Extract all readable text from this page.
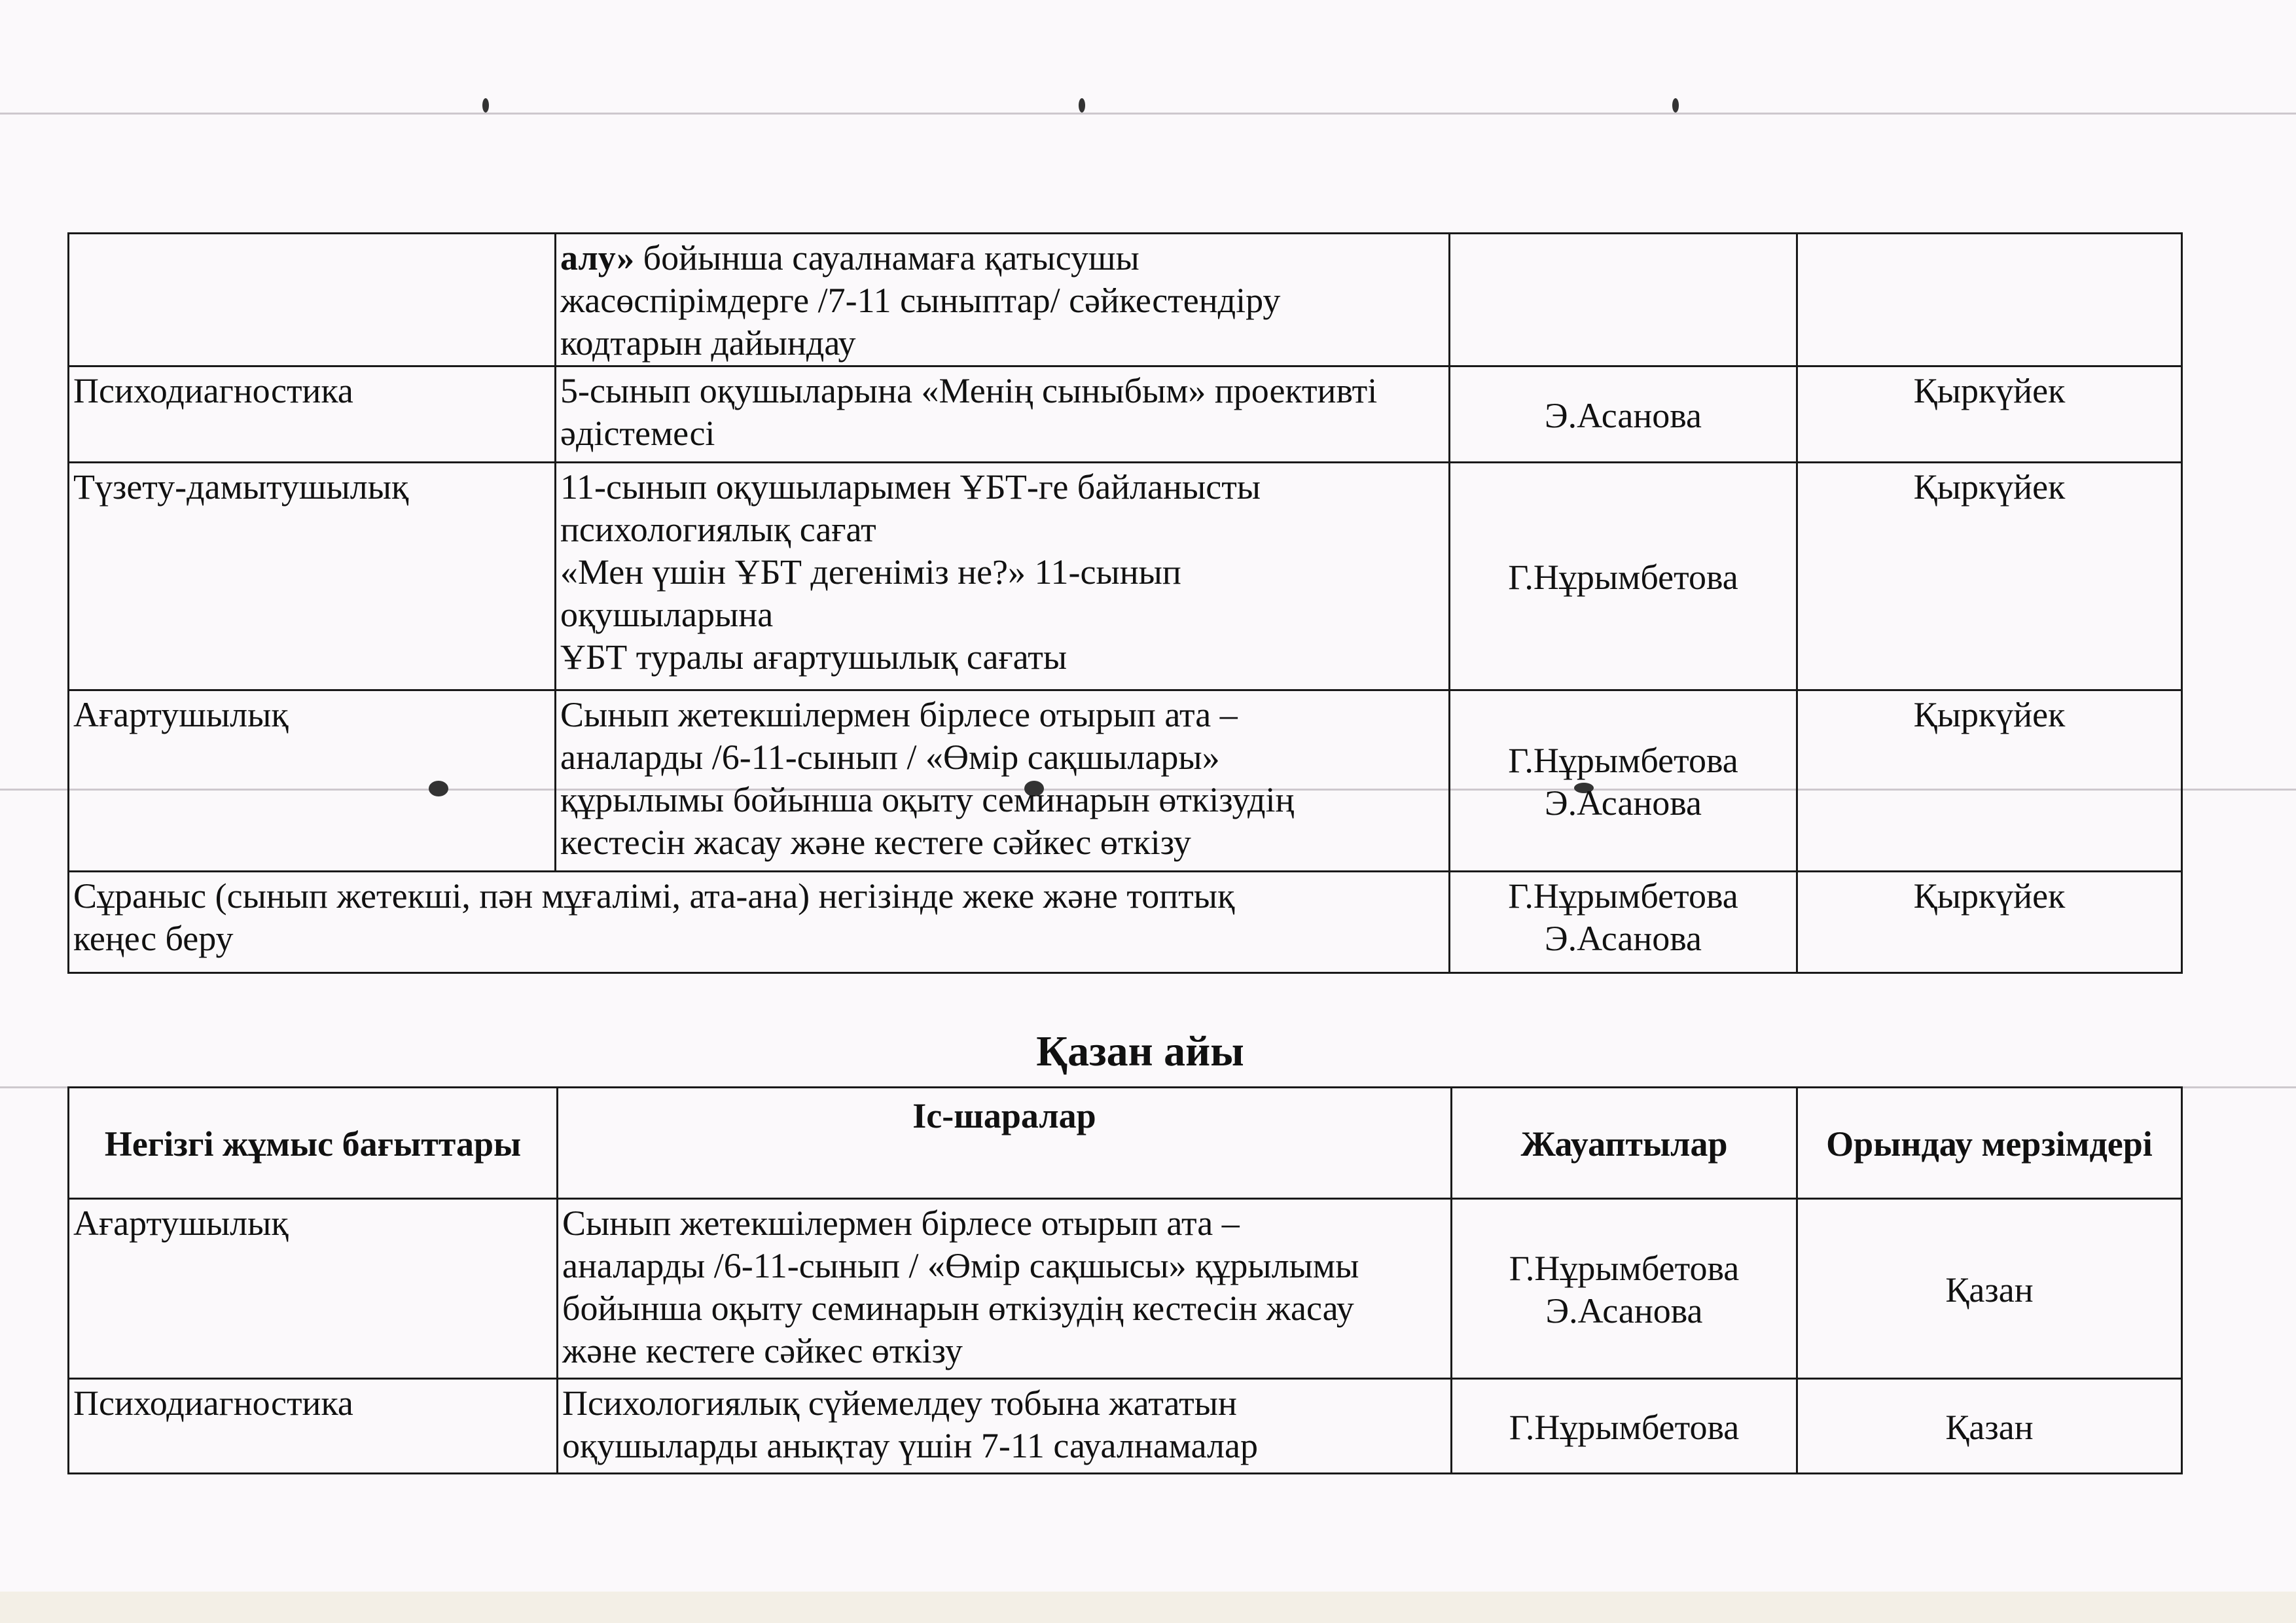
	алу» бойынша сауалнамаға қатысушы
жасөспірімдерге /7-11 сыныптар/ сәйкестендіру
кодтарын дайындау		

Психодиагностика	5-сынып оқушыларына «Менің сыныбым» проективті
әдістемесі	Э.Асанова	Қыркүйек
Түзету-дамытушылық	11-сынып оқушыларымен ҰБТ-ге байланысты
психологиялық сағат
«Мен үшін ҰБТ дегеніміз не?» 11-сынып
оқушыларына
ҰБТ туралы ағартушылық сағаты	Г.Нұрымбетова	Қыркүйек
Ағартушылық	Сынып жетекшілермен бірлесе отырып ата –
аналарды /6-11-сынып / «Өмір сақшылары»
құрылымы бойынша оқыту семинарын өткізудің
кестесін жасау және кестеге сәйкес өткізу	Г.Нұрымбетова
Э.Асанова	Қыркүйек

Сұраныс (сынып жетекші, пән мұғалімі, ата-ана) негізінде жеке және топтық
кеңес беру		Г.Нұрымбетова
Э.Асанова	Қыркүйек
Қазан айы
Негізгі жұмыс бағыттары	Іс-шаралар	Жауаптылар	Орындау мерзімдері
Ағартушылық	Сынып жетекшілермен бірлесе отырып ата –
аналарды /6-11-сынып / «Өмір сақшысы» құрылымы
бойынша оқыту семинарын өткізудің кестесін жасау
және кестеге сәйкес өткізу	Г.Нұрымбетова
Э.Асанова	Қазан
Психодиагностика	Психологиялық сүйемелдеу тобына жататын
оқушыларды анықтау үшін 7-11 сауалнамалар	Г.Нұрымбетова	Қазан
